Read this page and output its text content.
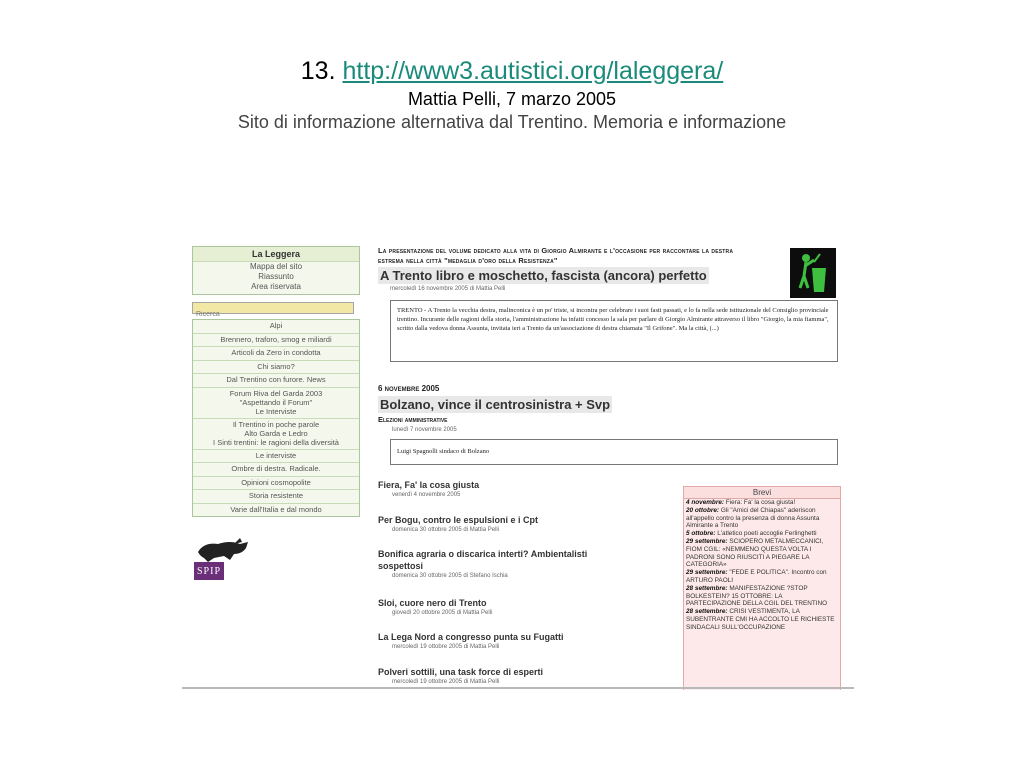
13. http://www3.autistici.org/laleggera/
Mattia Pelli, 7 marzo 2005
Sito di informazione alternativa dal Trentino. Memoria e informazione
La Leggera
Mappa del sito
Riassunto
Area riservata
Ricerca
Alpi
Brennero, traforo, smog e miliardi
Articoli da Zero in condotta
Chi siamo?
Dal Trentino con furore. News
Forum Riva del Garda 2003
"Aspettando il Forum"
Le Interviste
Il Trentino in poche parole
Alto Garda e Ledro
I Sinti trentini: le ragioni della diversità
Le interviste
Ombre di destra. Radicale.
Opinioni cosmopolite
Storia resistente
Varie dall'Italia e dal mondo
SPIP
La presentazione del volume dedicato alla vita di Giorgio Almirante e l'occasione per raccontare la destra estrema nella città "medaglia d'oro della Resistenza"
A Trento libro e moschetto, fascista (ancora) perfetto
mercoledì 16 novembre 2005 di Mattia Pelli
TRENTO - A Trento la vecchia destra, malinconica è un po' triste, si incontra per celebrare i suoi fasti passati, e lo fa nella sede istituzionale del Consiglio provinciale trentino. Incurante delle ragioni della storia, l'amministrazione ha infatti concesso la sala per parlare di Giorgio Almirante attraverso il libro "Giorgio, la mia fiamma", scritto dalla vedova donna Assunta, invitata ieri a Trento da un'associazione di destra chiamata "Il Grifone". Ma la città, (...)
6 novembre 2005
Bolzano, vince il centrosinistra + Svp
Elezioni amministrative
lunedì 7 novembre 2005
Luigi Spagnolli sindaco di Bolzano
Fiera, Fa' la cosa giusta
venerdì 4 novembre 2005
Per Bogu, contro le espulsioni e i Cpt
domenica 30 ottobre 2005 di Mattia Pelli
Bonifica agraria o discarica interti? Ambientalisti sospettosi
domenica 30 ottobre 2005 di Stefano Ischia
Sloi, cuore nero di Trento
giovedì 20 ottobre 2005 di Mattia Pelli
La Lega Nord a congresso punta su Fugatti
mercoledì 19 ottobre 2005 di Mattia Pelli
Polveri sottili, una task force di esperti
mercoledì 19 ottobre 2005 di Mattia Pelli
Brevi
4 novembre: Fiera: Fa' la cosa giusta!
20 ottobre: Gli "Amici del Chiapas" aderiscon all'appello contro la presenza di donna Assunta Almirante a Trento
5 ottobre: L'atletico poeti accoglie Ferlinghetti
29 settembre: SCIOPERO METALMECCANICI, FIOM CGIL: «NEMMENO QUESTA VOLTA I PADRONI SONO RIUSCITI A PIEGARE LA CATEGORIA»
29 settembre: "FEDE E POLITICA". Incontro con ARTURO PAOLI
28 settembre: MANIFESTAZIONE ?STOP BOLKESTEIN? 15 OTTOBRE: LA PARTECIPAZIONE DELLA CGIL DEL TRENTINO
28 settembre: CRISI VESTIMENTA, LA SUBENTRANTE CMI HA ACCOLTO LE RICHIESTE SINDACALI SULL'OCCUPAZIONE
